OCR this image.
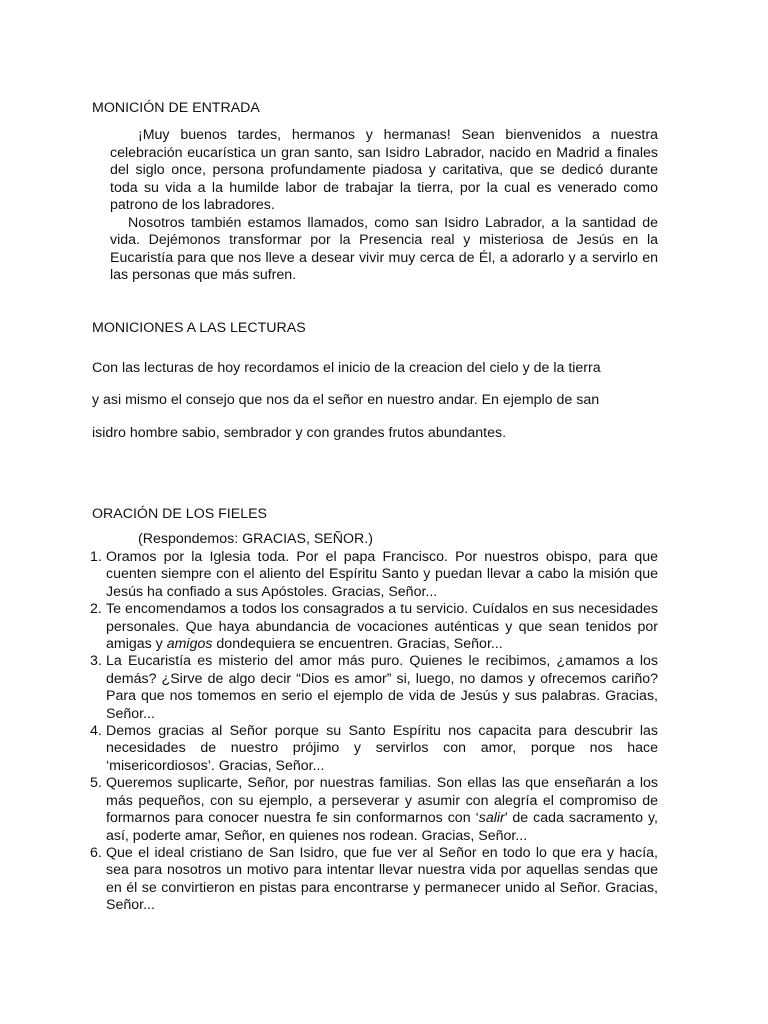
MONICIÓN DE ENTRADA

¡Muy buenos tardes, hermanos y hermanas! Sean bienvenidos a nuestra celebración eucarística un gran santo, san Isidro Labrador, nacido en Madrid a finales del siglo once, persona profundamente piadosa y caritativa, que se dedicó durante toda su vida a la humilde labor de trabajar la tierra, por la cual es venerado como patrono de los labradores.

Nosotros también estamos llamados, como san Isidro Labrador, a la santidad de vida. Dejémonos transformar por la Presencia real y misteriosa de Jesús en la Eucaristía para que nos lleve a desear vivir muy cerca de Él, a adorarlo y a servirlo en las personas que más sufren.

MONICIONES A LAS LECTURAS

Con las lecturas de hoy recordamos el inicio de la creacion del cielo y de la tierra

y asi mismo el consejo que nos da el señor en nuestro andar. En ejemplo de san

isidro hombre sabio, sembrador y con grandes frutos abundantes.

ORACIÓN DE LOS FIELES

(Respondemos: GRACIAS, SEÑOR.)

1. Oramos por la Iglesia toda. Por el papa Francisco. Por nuestros obispo, para que cuenten siempre con el aliento del Espíritu Santo y puedan llevar a cabo la misión que Jesús ha confiado a sus Apóstoles. Gracias, Señor...
2. Te encomendamos a todos los consagrados a tu servicio. Cuídalos en sus necesidades personales. Que haya abundancia de vocaciones auténticas y que sean tenidos por amigas y amigos dondequiera se encuentren. Gracias, Señor...
3. La Eucaristía es misterio del amor más puro. Quienes le recibimos, ¿amamos a los demás? ¿Sirve de algo decir “Dios es amor” si, luego, no damos y ofrecemos cariño? Para que nos tomemos en serio el ejemplo de vida de Jesús y sus palabras. Gracias, Señor...
4. Demos gracias al Señor porque su Santo Espíritu nos capacita para descubrir las necesidades de nuestro prójimo y servirlos con amor, porque nos hace ‘misericordiosos’. Gracias, Señor...
5. Queremos suplicarte, Señor, por nuestras familias. Son ellas las que enseñarán a los más pequeños, con su ejemplo, a perseverar y asumir con alegría el compromiso de formarnos para conocer nuestra fe sin conformarnos con ‘salir’ de cada sacramento y, así, poderte amar, Señor, en quienes nos rodean. Gracias, Señor...
6. Que el ideal cristiano de San Isidro, que fue ver al Señor en todo lo que era y hacía, sea para nosotros un motivo para intentar llevar nuestra vida por aquellas sendas que en él se convirtieron en pistas para encontrarse y permanecer unido al Señor. Gracias, Señor...
